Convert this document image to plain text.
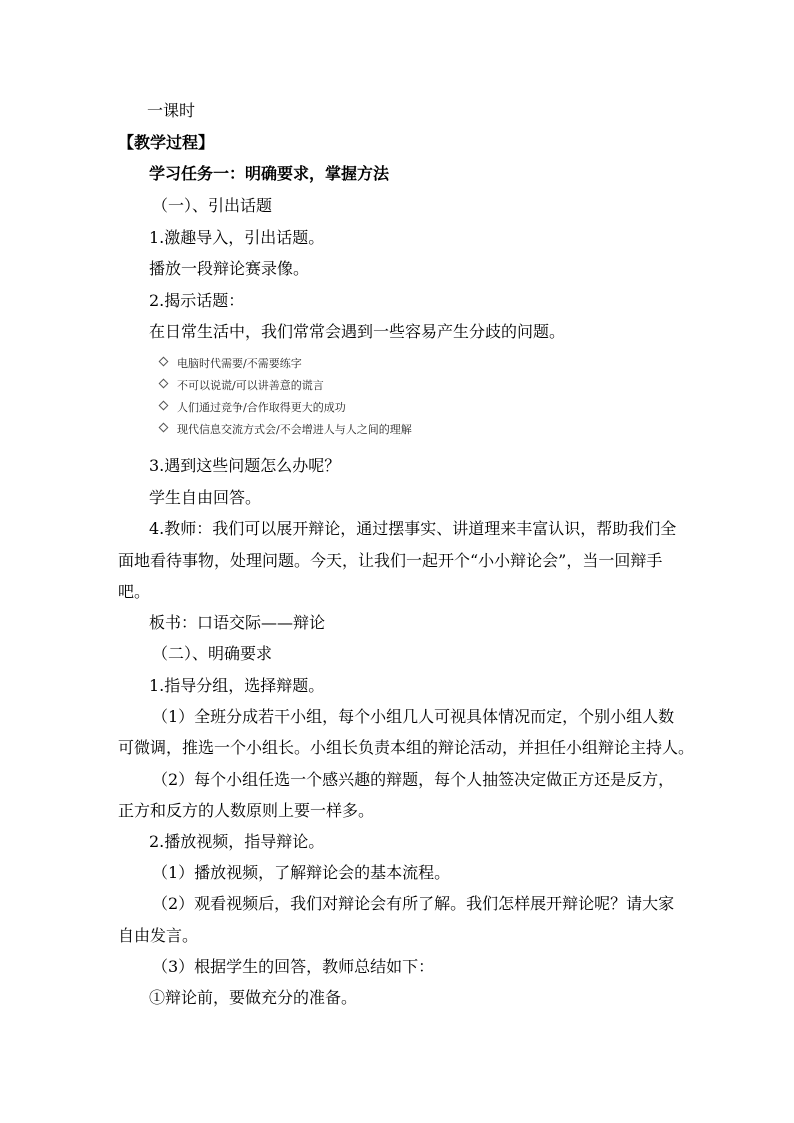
一课时
【教学过程】
学习任务一：明确要求，掌握方法
（一）、引出话题
1.激趣导入，引出话题。
播放一段辩论赛录像。
2.揭示话题：
在日常生活中，我们常常会遇到一些容易产生分歧的问题。
电脑时代需要/不需要练字
不可以说谎/可以讲善意的谎言
人们通过竞争/合作取得更大的成功
现代信息交流方式会/不会增进人与人之间的理解
3.遇到这些问题怎么办呢？
学生自由回答。
4.教师：我们可以展开辩论，通过摆事实、讲道理来丰富认识，帮助我们全
面地看待事物，处理问题。今天，让我们一起开个“小小辩论会”，当一回辩手
吧。
板书：口语交际——辩论
（二）、明确要求
1.指导分组，选择辩题。
（1）全班分成若干小组，每个小组几人可视具体情况而定，个别小组人数
可微调，推选一个小组长。小组长负责本组的辩论活动，并担任小组辩论主持人。
（2）每个小组任选一个感兴趣的辩题，每个人抽签决定做正方还是反方，
正方和反方的人数原则上要一样多。
2.播放视频，指导辩论。
（1）播放视频，了解辩论会的基本流程。
（2）观看视频后，我们对辩论会有所了解。我们怎样展开辩论呢？请大家
自由发言。
（3）根据学生的回答，教师总结如下：
①辩论前，要做充分的准备。
